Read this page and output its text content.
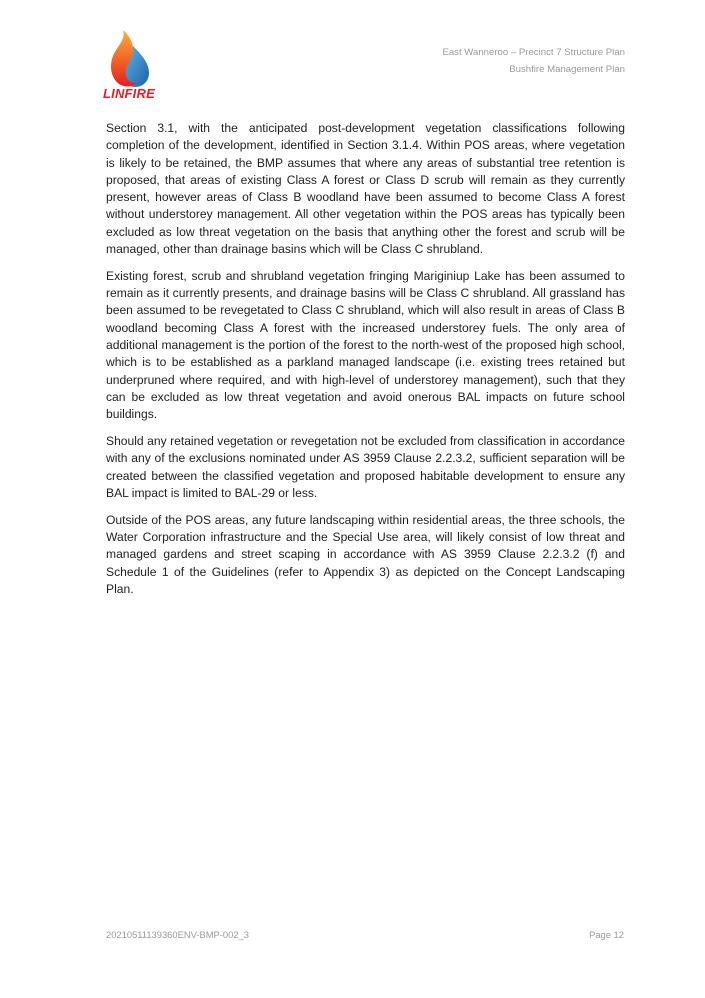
LINFIRE
East Wanneroo – Precinct 7 Structure Plan
Bushfire Management Plan

Section 3.1, with the anticipated post-development vegetation classifications following completion of the development, identified in Section 3.1.4. Within POS areas, where vegetation is likely to be retained, the BMP assumes that where any areas of substantial tree retention is proposed, that areas of existing Class A forest or Class D scrub will remain as they currently present, however areas of Class B woodland have been assumed to become Class A forest without understorey management. All other vegetation within the POS areas has typically been excluded as low threat vegetation on the basis that anything other the forest and scrub will be managed, other than drainage basins which will be Class C shrubland.

Existing forest, scrub and shrubland vegetation fringing Mariginiup Lake has been assumed to remain as it currently presents, and drainage basins will be Class C shrubland. All grassland has been assumed to be revegetated to Class C shrubland, which will also result in areas of Class B woodland becoming Class A forest with the increased understorey fuels. The only area of additional management is the portion of the forest to the north-west of the proposed high school, which is to be established as a parkland managed landscape (i.e. existing trees retained but underpruned where required, and with high-level of understorey management), such that they can be excluded as low threat vegetation and avoid onerous BAL impacts on future school buildings.

Should any retained vegetation or revegetation not be excluded from classification in accordance with any of the exclusions nominated under AS 3959 Clause 2.2.3.2, sufficient separation will be created between the classified vegetation and proposed habitable development to ensure any BAL impact is limited to BAL-29 or less.

Outside of the POS areas, any future landscaping within residential areas, the three schools, the Water Corporation infrastructure and the Special Use area, will likely consist of low threat and managed gardens and street scaping in accordance with AS 3959 Clause 2.2.3.2 (f) and Schedule 1 of the Guidelines (refer to Appendix 3) as depicted on the Concept Landscaping Plan.

20210511139360ENV-BMP-002_3	Page 12
